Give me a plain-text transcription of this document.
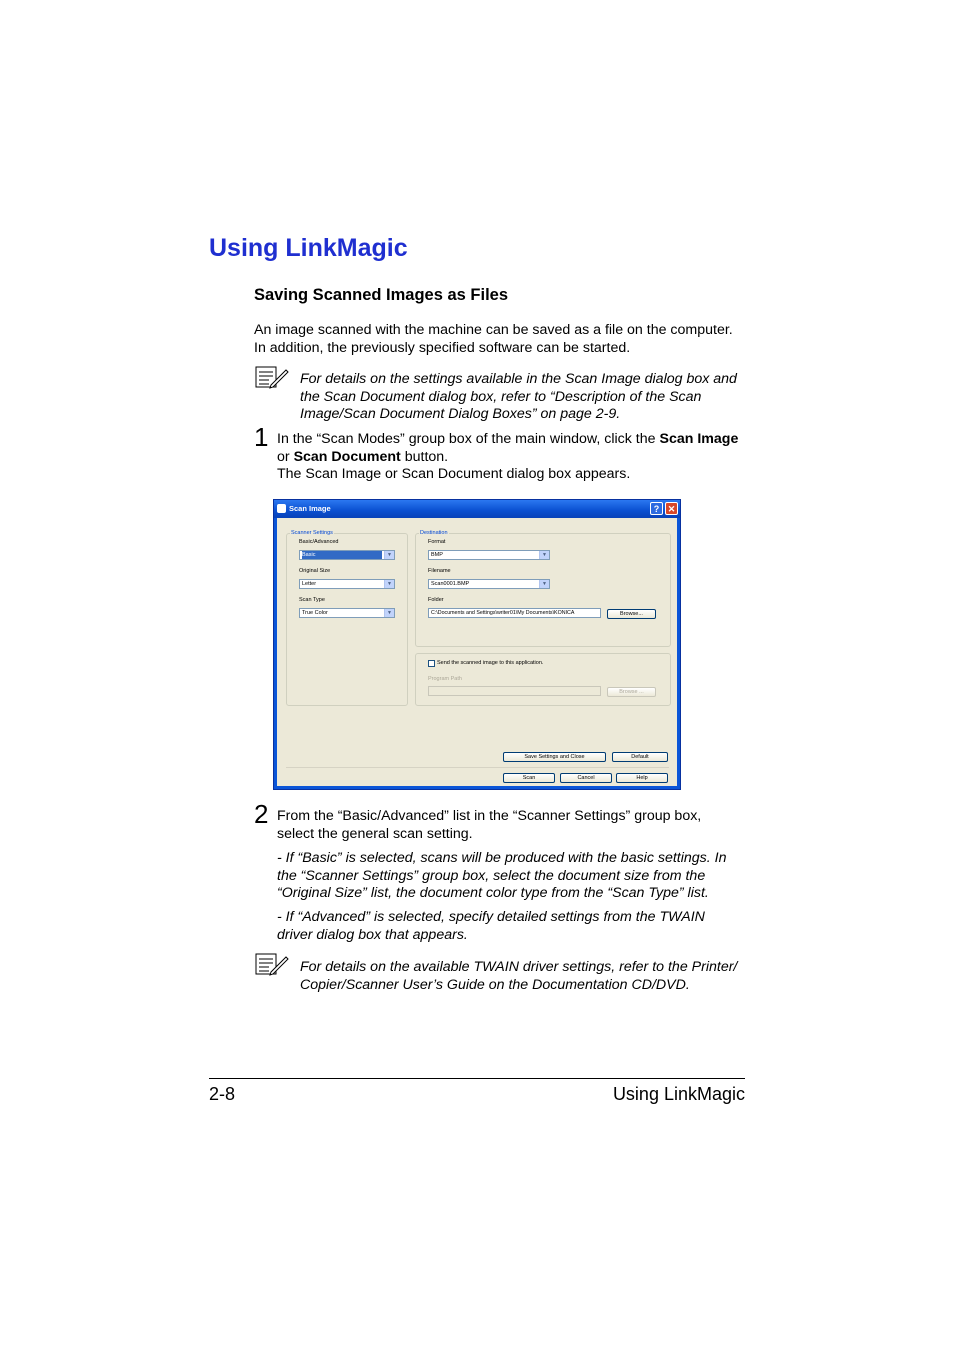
Using LinkMagic
Saving Scanned Images as Files
An image scanned with the machine can be saved as a file on the computer.
In addition, the previously specified software can be started.
For details on the settings available in the Scan Image dialog box and
the Scan Document dialog box, refer to “Description of the Scan
Image/Scan Document Dialog Boxes” on page 2-9.
1 In the “Scan Modes” group box of the main window, click the Scan Image
or Scan Document button.
The Scan Image or Scan Document dialog box appears.
Scan Image	? ✕
Scanner Settings
Basic/Advanced
Basic	▼
Original Size
Letter	▼
Scan Type
True Color	▼
Destination
Format
BMP	▼
Filename
Scan0001.BMP	▼
Folder
C:\Documents and Settings\writer01\My Documents\KONICA	Browse...
Send the scanned image to this application.
Program Path
Browse ...
Save Settings and Close	Default
Scan	Cancel	Help
2 From the “Basic/Advanced” list in the “Scanner Settings” group box,
select the general scan setting.
- If “Basic” is selected, scans will be produced with the basic settings. In
the “Scanner Settings” group box, select the document size from the
“Original Size” list, the document color type from the “Scan Type” list.
- If “Advanced” is selected, specify detailed settings from the TWAIN
driver dialog box that appears.
For details on the available TWAIN driver settings, refer to the Printer/
Copier/Scanner User’s Guide on the Documentation CD/DVD.
2-8	Using LinkMagic
